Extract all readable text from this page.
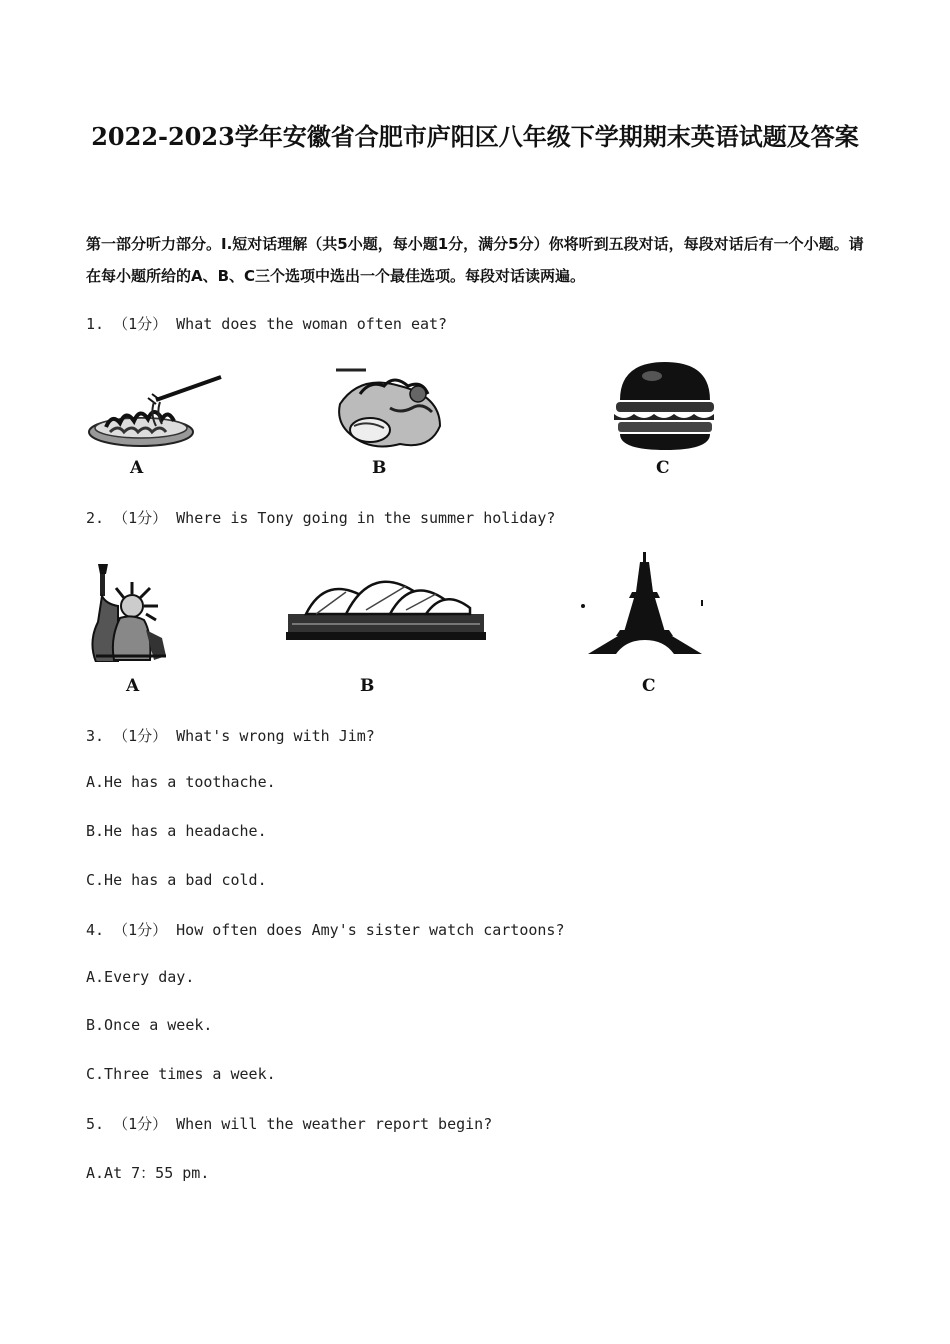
2022-2023学年安徽省合肥市庐阳区八年级下学期期末英语试题及答案
第一部分听力部分。I.短对话理解（共5小题，每小题1分，满分5分）你将听到五段对话，每段对话后有一个小题。请在每小题所给的A、B、C三个选项中选出一个最佳选项。每段对话读两遍。
1. （1分） What does the woman often eat?
A	B	C
2. （1分） Where is Tony going in the summer holiday?
A	B	C
3. （1分） What's wrong with Jim?
A.He has a toothache.
B.He has a headache.
C.He has a bad cold.
4. （1分） How often does Amy's sister watch cartoons?
A.Every day.
B.Once a week.
C.Three times a week.
5. （1分） When will the weather report begin?
A.At 7：55 pm.
